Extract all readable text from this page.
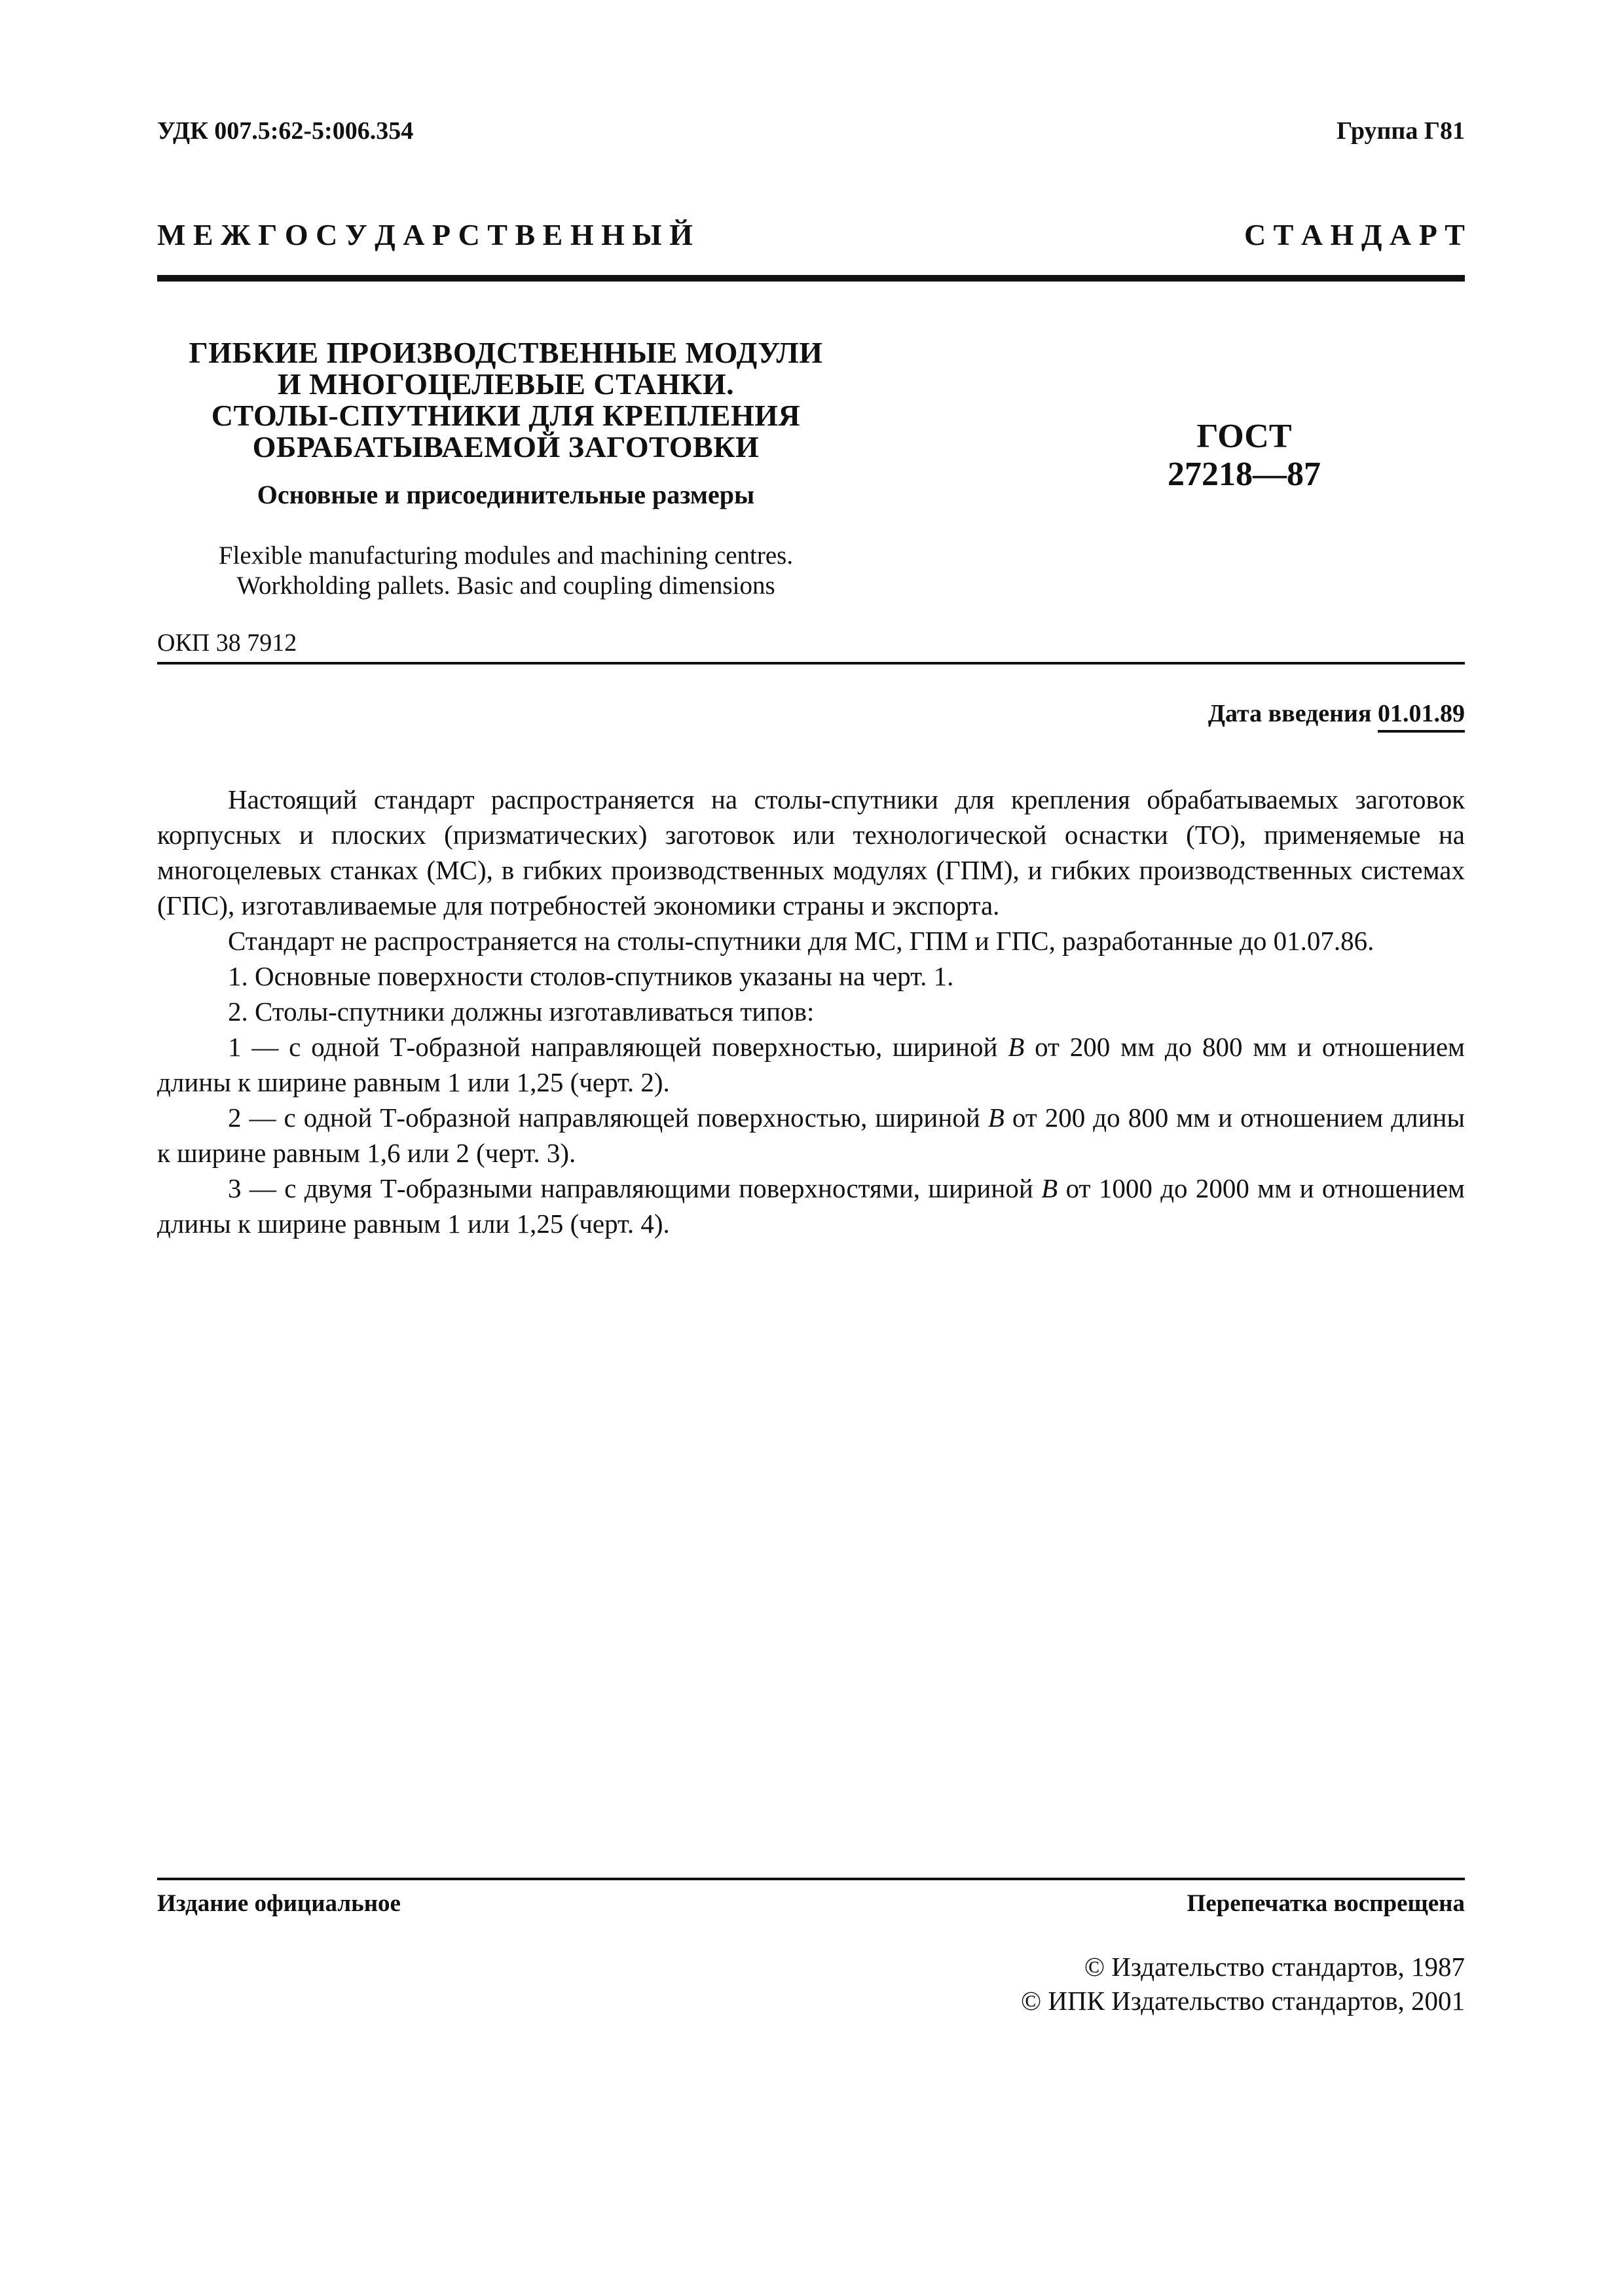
УДК 007.5:62-5:006.354	Группа Г81
М Е Ж Г О С У Д А Р С Т В Е Н Н Ы Й	С Т А Н Д А Р Т
ГИБКИЕ ПРОИЗВОДСТВЕННЫЕ МОДУЛИ
И МНОГОЦЕЛЕВЫЕ СТАНКИ.
СТОЛЫ-СПУТНИКИ ДЛЯ КРЕПЛЕНИЯ
ОБРАБАТЫВАЕМОЙ ЗАГОТОВКИ
Основные и присоединительные размеры
Flexible manufacturing modules and machining centres.
Workholding pallets. Basic and coupling dimensions
ГОСТ
27218—87
ОКП 38 7912
Дата введения 01.01.89

Настоящий стандарт распространяется на столы-спутники для крепления обрабатываемых заготовок корпусных и плоских (призматических) заготовок или технологической оснастки (ТО), применяемые на многоцелевых станках (МС), в гибких производственных модулях (ГПМ), и гибких производственных системах (ГПС), изготавливаемые для потребностей экономики страны и экспорта.

Стандарт не распространяется на столы-спутники для МС, ГПМ и ГПС, разработанные до 01.07.86.

1. Основные поверхности столов-спутников указаны на черт. 1.

2. Столы-спутники должны изготавливаться типов:

1 — с одной Т-образной направляющей поверхностью, шириной B от 200 мм до 800 мм и отношением длины к ширине равным 1 или 1,25 (черт. 2).

2 — с одной Т-образной направляющей поверхностью, шириной B от 200 до 800 мм и отношением длины к ширине равным 1,6 или 2 (черт. 3).

3 — с двумя Т-образными направляющими поверхностями, шириной B от 1000 до 2000 мм и отношением длины к ширине равным 1 или 1,25 (черт. 4).

Издание официальное	Перепечатка воспрещена
© Издательство стандартов, 1987
© ИПК Издательство стандартов, 2001
